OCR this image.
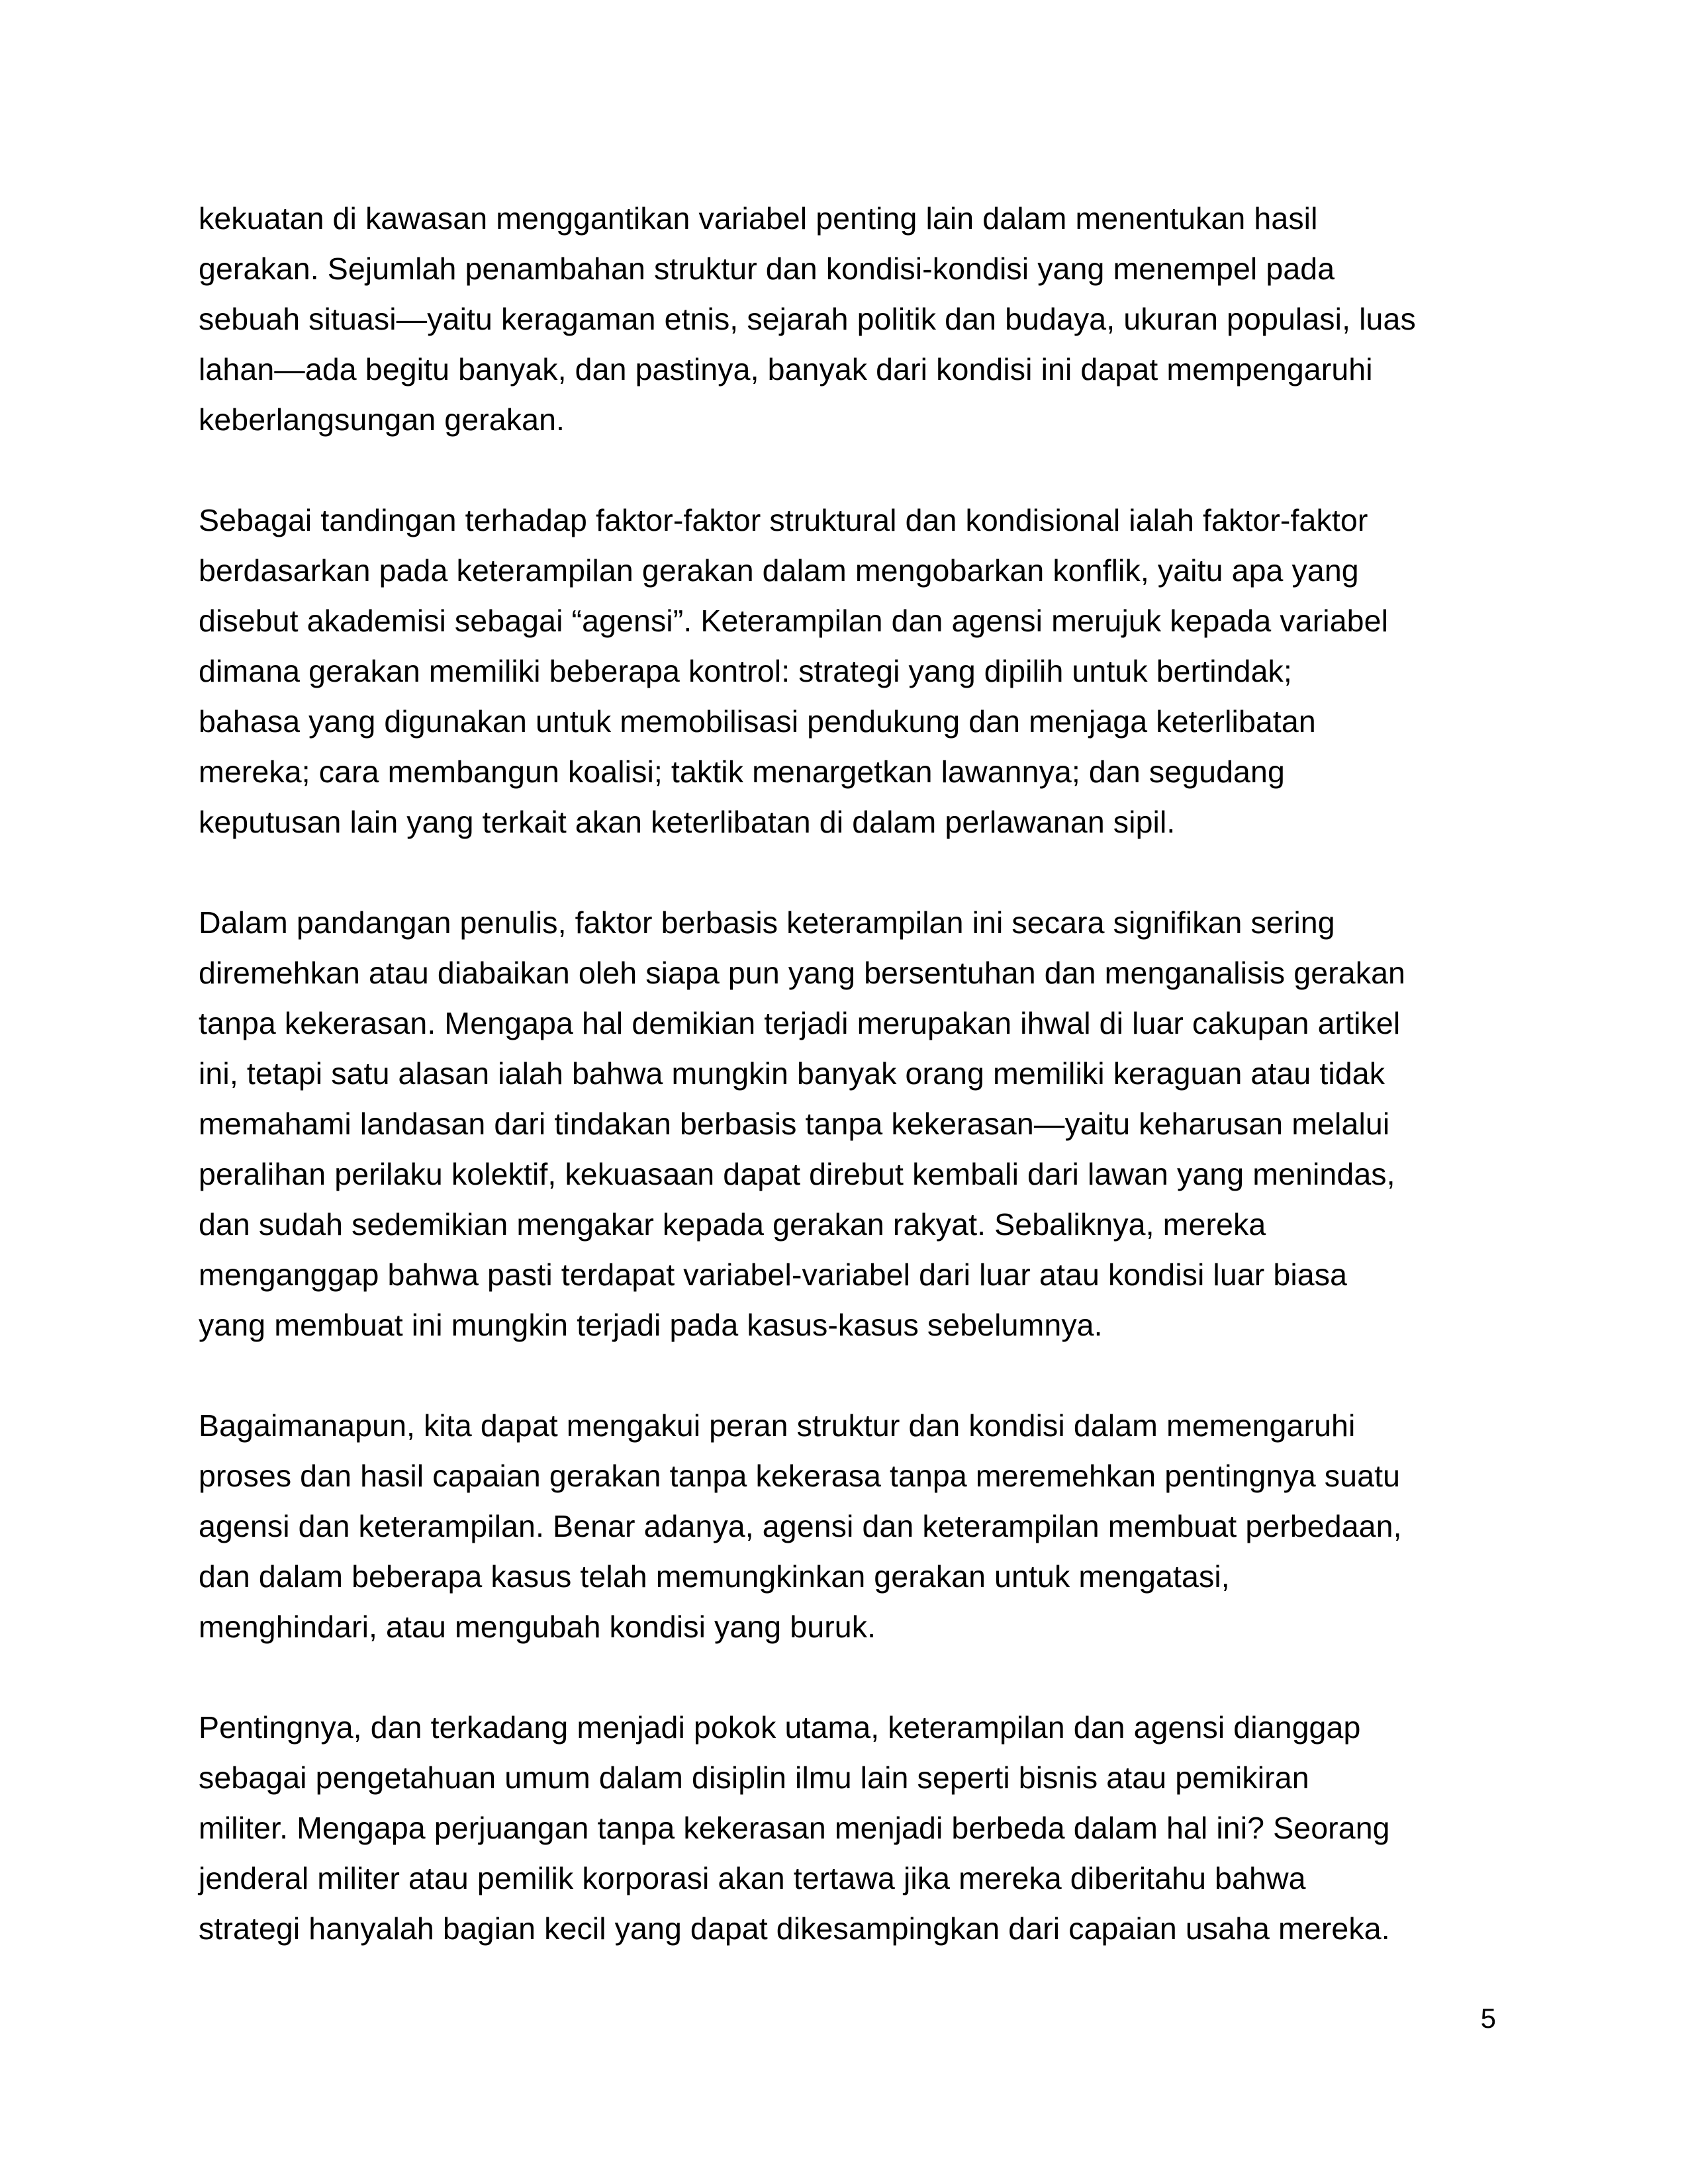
kekuatan di kawasan menggantikan variabel penting lain dalam menentukan hasil
gerakan. Sejumlah penambahan struktur dan kondisi-kondisi yang menempel pada
sebuah situasi—yaitu keragaman etnis, sejarah politik dan budaya, ukuran populasi, luas
lahan—ada begitu banyak, dan pastinya, banyak dari kondisi ini dapat mempengaruhi
keberlangsungan gerakan.

Sebagai tandingan terhadap faktor-faktor struktural dan kondisional ialah faktor-faktor
berdasarkan pada keterampilan gerakan dalam mengobarkan konflik, yaitu apa yang
disebut akademisi sebagai “agensi”. Keterampilan dan agensi merujuk kepada variabel
dimana gerakan memiliki beberapa kontrol: strategi yang dipilih untuk bertindak;
bahasa yang digunakan untuk memobilisasi pendukung dan menjaga keterlibatan
mereka; cara membangun koalisi; taktik menargetkan lawannya; dan segudang
keputusan lain yang terkait akan keterlibatan di dalam perlawanan sipil.

Dalam pandangan penulis, faktor berbasis keterampilan ini secara signifikan sering
diremehkan atau diabaikan oleh siapa pun yang bersentuhan dan menganalisis gerakan
tanpa kekerasan. Mengapa hal demikian terjadi merupakan ihwal di luar cakupan artikel
ini, tetapi satu alasan ialah bahwa mungkin banyak orang memiliki keraguan atau tidak
memahami landasan dari tindakan berbasis tanpa kekerasan—yaitu keharusan melalui
peralihan perilaku kolektif, kekuasaan dapat direbut kembali dari lawan yang menindas,
dan sudah sedemikian mengakar kepada gerakan rakyat. Sebaliknya, mereka
menganggap bahwa pasti terdapat variabel-variabel dari luar atau kondisi luar biasa
yang membuat ini mungkin terjadi pada kasus-kasus sebelumnya.

Bagaimanapun, kita dapat mengakui peran struktur dan kondisi dalam memengaruhi
proses dan hasil capaian gerakan tanpa kekerasa tanpa meremehkan pentingnya suatu
agensi dan keterampilan. Benar adanya, agensi dan keterampilan membuat perbedaan,
dan dalam beberapa kasus telah memungkinkan gerakan untuk mengatasi,
menghindari, atau mengubah kondisi yang buruk.

Pentingnya, dan terkadang menjadi pokok utama, keterampilan dan agensi dianggap
sebagai pengetahuan umum dalam disiplin ilmu lain seperti bisnis atau pemikiran
militer. Mengapa perjuangan tanpa kekerasan menjadi berbeda dalam hal ini? Seorang
jenderal militer atau pemilik korporasi akan tertawa jika mereka diberitahu bahwa
strategi hanyalah bagian kecil yang dapat dikesampingkan dari capaian usaha mereka.

5
